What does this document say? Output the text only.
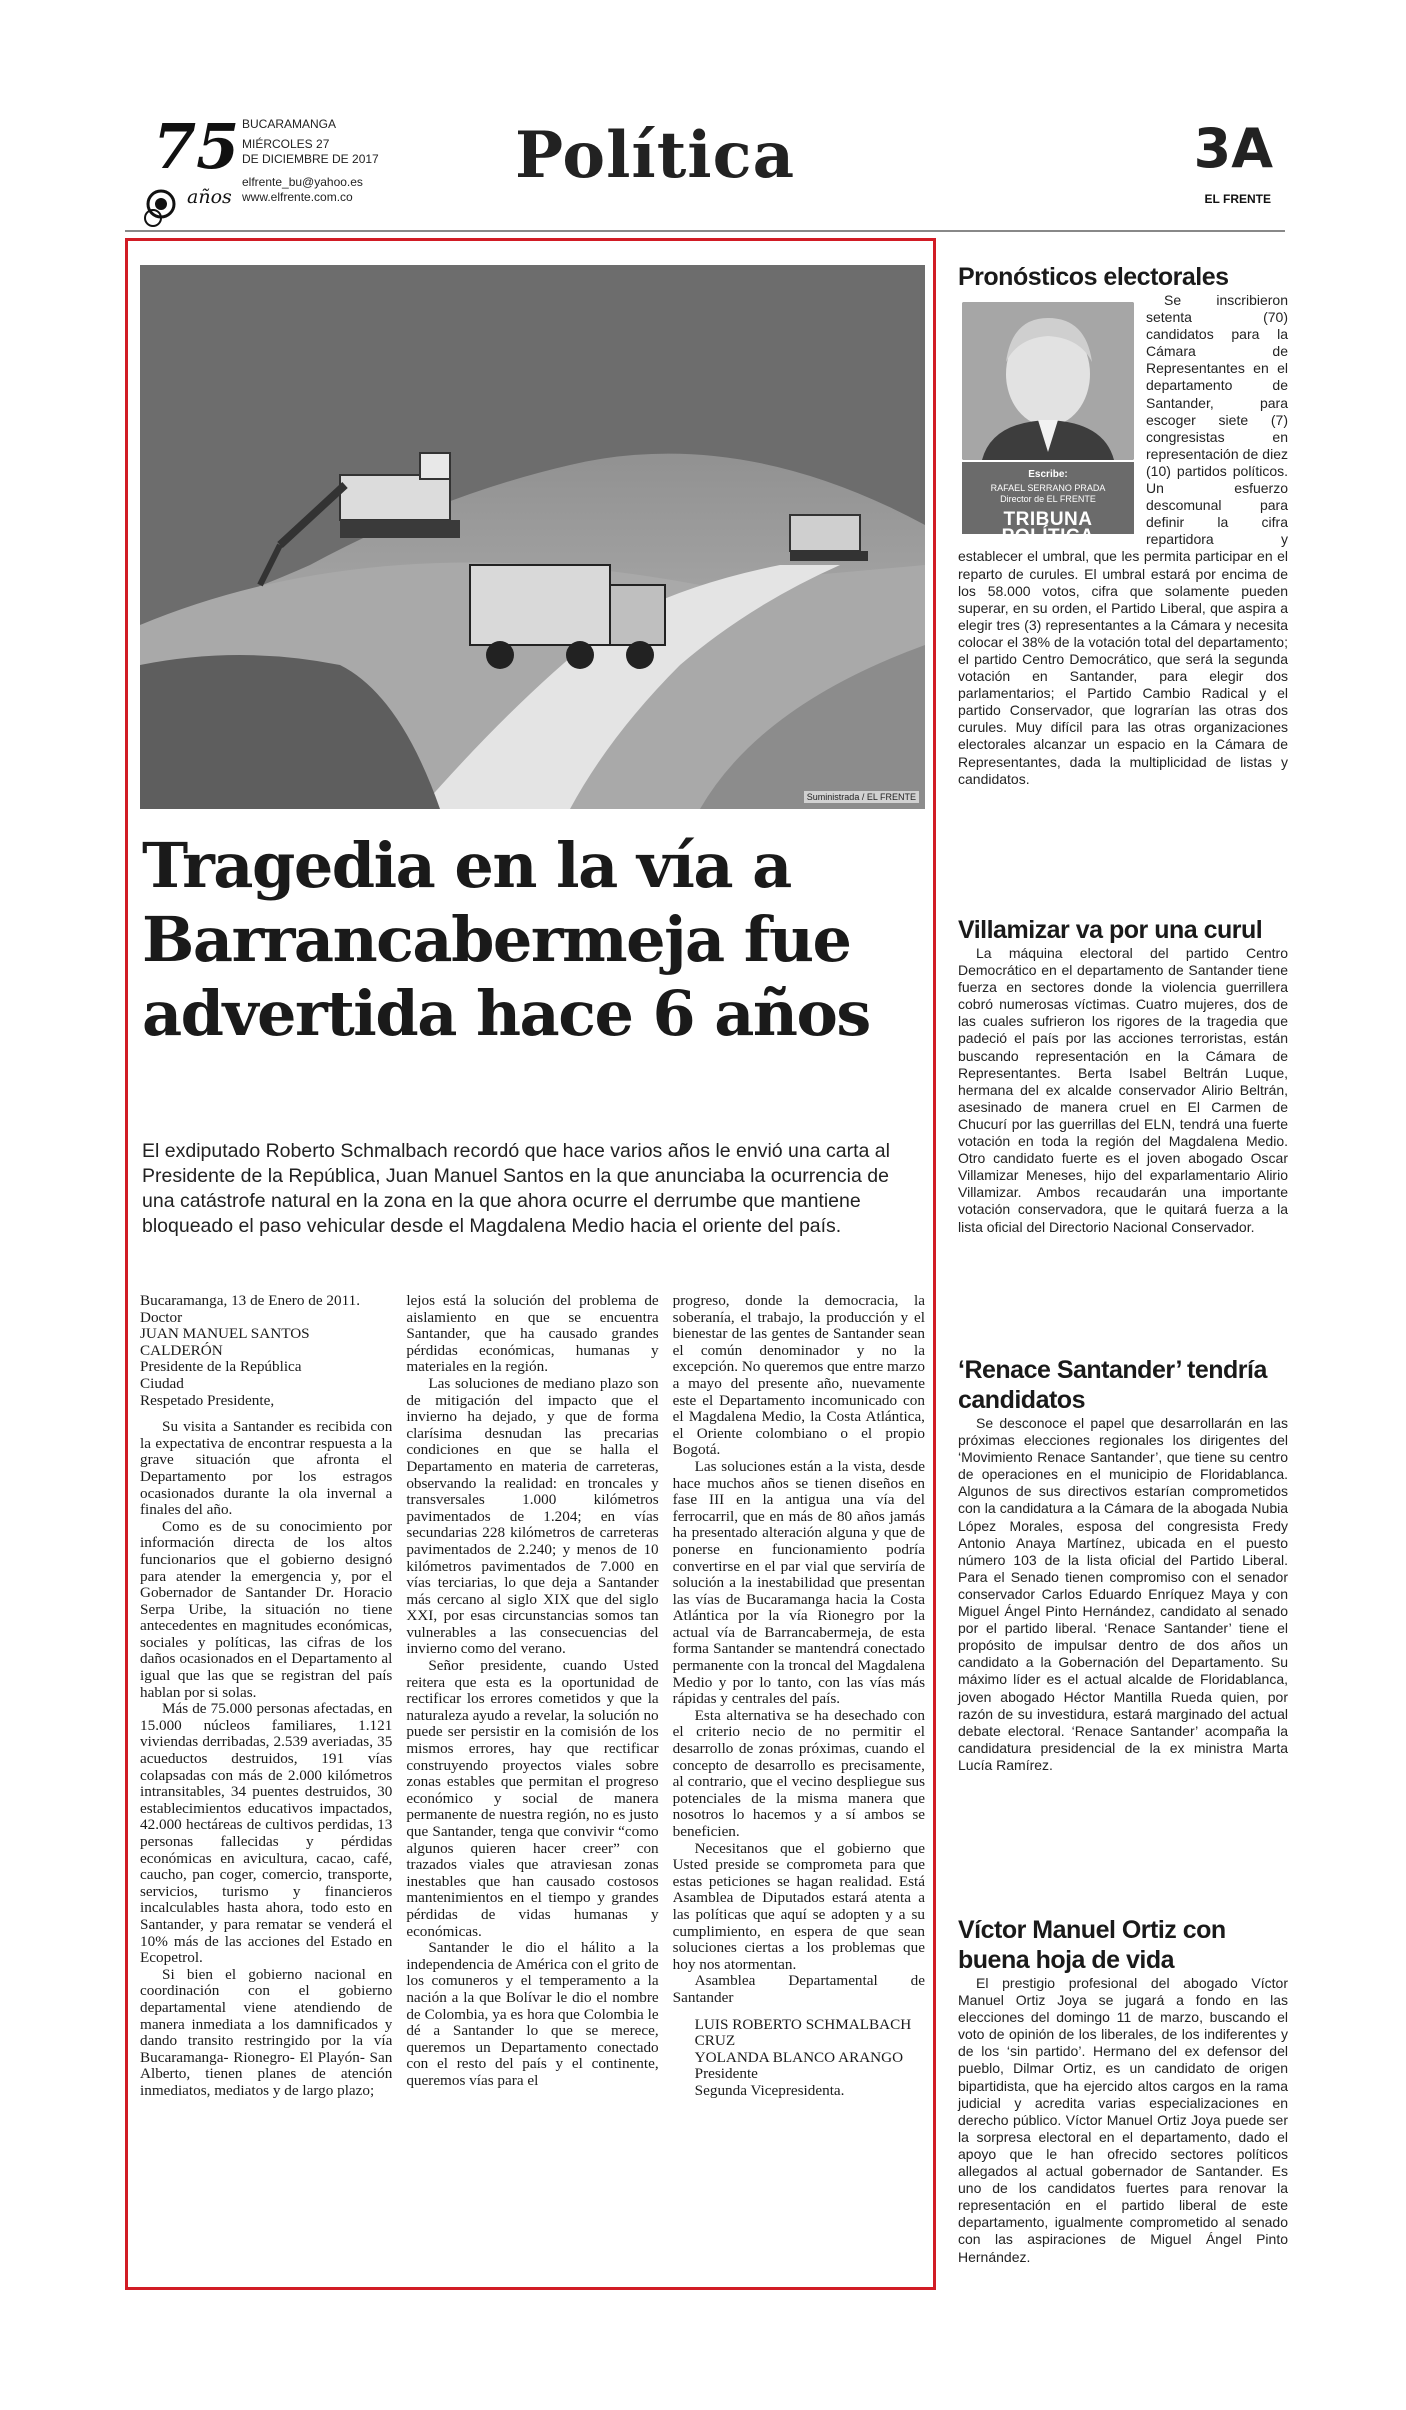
75
años
BUCARAMANGA
MIÉRCOLES 27
DE DICIEMBRE DE 2017
elfrente_bu@yahoo.es
www.elfrente.com.co
Política	3A
EL FRENTE
Suministrada / EL FRENTE
Tragedia en la vía a Barrancabermeja fue advertida hace 6 años

El exdiputado Roberto Schmalbach recordó que hace varios años le envió una carta al Presidente de la República, Juan Manuel Santos en la que anunciaba la ocurrencia de una catástrofe natural en la zona en la que ahora ocurre el derrumbe que mantiene bloqueado el paso vehicular desde el Magdalena Medio hacia el oriente del país.

Bucaramanga, 13 de Enero de 2011.

Doctor

JUAN MANUEL SANTOS CALDERÓN

Presidente de la República

Ciudad

Respetado Presidente,

Su visita a Santander es recibida con la expectativa de encontrar respuesta a la grave situación que afronta el Departamento por los estragos ocasionados durante la ola invernal a finales del año.

Como es de su conocimiento por información directa de los altos funcionarios que el gobierno designó para atender la emergencia y, por el Gobernador de Santander Dr. Horacio Serpa Uribe, la situación no tiene antecedentes en magnitudes económicas, sociales y políticas, las cifras de los daños ocasionados en el Departamento al igual que las que se registran del país hablan por si solas.

Más de 75.000 personas afectadas, en 15.000 núcleos familiares, 1.121 viviendas derribadas, 2.539 averiadas, 35 acueductos destruidos, 191 vías colapsadas con más de 2.000 kilómetros intransitables, 34 puentes destruidos, 30 establecimientos educativos impactados, 42.000 hectáreas de cultivos perdidas, 13 personas fallecidas y pérdidas económicas en avicultura, cacao, café, caucho, pan coger, comercio, transporte, servicios, turismo y financieros incalculables hasta ahora, todo esto en Santander, y para rematar se venderá el 10% más de las acciones del Estado en Ecopetrol.

Si bien el gobierno nacional en coordinación con el gobierno departamental viene atendiendo de manera inmediata a los damnificados y dando transito restringido por la vía Bucaramanga- Rionegro- El Playón- San Alberto, tienen planes de atención inmediatos, mediatos y de largo plazo;

lejos está la solución del problema de aislamiento en que se encuentra Santander, que ha causado grandes pérdidas económicas, humanas y materiales en la región.

Las soluciones de mediano plazo son de mitigación del impacto que el invierno ha dejado, y que de forma clarísima desnudan las precarias condiciones en que se halla el Departamento en materia de carreteras, observando la realidad: en troncales y transversales 1.000 kilómetros pavimentados de 1.204; en vías secundarias 228 kilómetros de carreteras pavimentados de 2.240; y menos de 10 kilómetros pavimentados de 7.000 en vías terciarias, lo que deja a Santander más cercano al siglo XIX que del siglo XXI, por esas circunstancias somos tan vulnerables a las consecuencias del invierno como del verano.

Señor presidente, cuando Usted reitera que esta es la oportunidad de rectificar los errores cometidos y que la naturaleza ayudo a revelar, la solución no puede ser persistir en la comisión de los mismos errores, hay que rectificar construyendo proyectos viales sobre zonas estables que permitan el progreso económico y social de manera permanente de nuestra región, no es justo que Santander, tenga que convivir “como algunos quieren hacer creer” con trazados viales que atraviesan zonas inestables que han causado costosos mantenimientos en el tiempo y grandes pérdidas de vidas humanas y económicas.

Santander le dio el hálito a la independencia de América con el grito de los comuneros y el temperamento a la nación a la que Bolívar le dio el nombre de Colombia, ya es hora que Colombia le dé a Santander lo que se merece, queremos un Departamento conectado con el resto del país y el continente, queremos vías para el

progreso, donde la democracia, la soberanía, el trabajo, la producción y el bienestar de las gentes de Santander sean el común denominador y no la excepción. No queremos que entre marzo a mayo del presente año, nuevamente este el Departamento incomunicado con el Magdalena Medio, la Costa Atlántica, el Oriente colombiano o el propio Bogotá.

Las soluciones están a la vista, desde hace muchos años se tienen diseños en fase III en la antigua una vía del ferrocarril, que en más de 80 años jamás ha presentado alteración alguna y que de ponerse en funcionamiento podría convertirse en el par vial que serviría de solución a la inestabilidad que presentan las vías de Bucaramanga hacia la Costa Atlántica por la vía Rionegro por la actual vía de Barrancabermeja, de esta forma Santander se mantendrá conectado permanente con la troncal del Magdalena Medio y por lo tanto, con las vías más rápidas y centrales del país.

Esta alternativa se ha desechado con el criterio necio de no permitir el desarrollo de zonas próximas, cuando el concepto de desarrollo es precisamente, al contrario, que el vecino despliegue sus potenciales de la misma manera que nosotros lo hacemos y a sí ambos se beneficien.

Necesitanos que el gobierno que Usted preside se comprometa para que estas peticiones se hagan realidad. Está Asamblea de Diputados estará atenta a las políticas que aquí se adopten y a su cumplimiento, en espera de que sean soluciones ciertas a los problemas que hoy nos atormentan.

Asamblea Departamental de Santander

LUIS ROBERTO SCHMALBACH CRUZ

YOLANDA BLANCO ARANGO

Presidente

Segunda Vicepresidenta.

Pronósticos electorales
Escribe:
RAFAEL SERRANO PRADA
Director de EL FRENTE
TRIBUNA POLÍTICA

Se inscribieron setenta (70) candidatos para la Cámara de Representantes en el departamento de Santander, para escoger siete (7) congresistas en representación de diez (10) partidos políticos. Un esfuerzo descomunal para definir la cifra repartidora y establecer el umbral, que les permita participar en el reparto de curules. El umbral estará por encima de los 58.000 votos, cifra que solamente pueden superar, en su orden, el Partido Liberal, que aspira a elegir tres (3) representantes a la Cámara y necesita colocar el 38% de la votación total del departamento; el partido Centro Democrático, que será la segunda votación en Santander, para elegir dos parlamentarios; el Partido Cambio Radical y el partido Conservador, que lograrían las otras dos curules. Muy difícil para las otras organizaciones electorales alcanzar un espacio en la Cámara de Representantes, dada la multiplicidad de listas y candidatos.

Villamizar va por una curul

La máquina electoral del partido Centro Democrático en el departamento de Santander tiene fuerza en sectores donde la violencia guerrillera cobró numerosas víctimas. Cuatro mujeres, dos de las cuales sufrieron los rigores de la tragedia que padeció el país por las acciones terroristas, están buscando representación en la Cámara de Representantes. Berta Isabel Beltrán Luque, hermana del ex alcalde conservador Alirio Beltrán, asesinado de manera cruel en El Carmen de Chucurí por las guerrillas del ELN, tendrá una fuerte votación en toda la región del Magdalena Medio. Otro candidato fuerte es el joven abogado Oscar Villamizar Meneses, hijo del exparlamentario Alirio Villamizar. Ambos recaudarán una importante votación conservadora, que le quitará fuerza a la lista oficial del Directorio Nacional Conservador.

‘Renace Santander’ tendría candidatos

Se desconoce el papel que desarrollarán en las próximas elecciones regionales los dirigentes del ‘Movimiento Renace Santander’, que tiene su centro de operaciones en el municipio de Floridablanca. Algunos de sus directivos estarían comprometidos con la candidatura a la Cámara de la abogada Nubia López Morales, esposa del congresista Fredy Antonio Anaya Martínez, ubicada en el puesto número 103 de la lista oficial del Partido Liberal. Para el Senado tienen compromiso con el senador conservador Carlos Eduardo Enríquez Maya y con Miguel Ángel Pinto Hernández, candidato al senado por el partido liberal. ‘Renace Santander’ tiene el propósito de impulsar dentro de dos años un candidato a la Gobernación del Departamento. Su máximo líder es el actual alcalde de Floridablanca, joven abogado Héctor Mantilla Rueda quien, por razón de su investidura, estará marginado del actual debate electoral. ‘Renace Santander’ acompaña la candidatura presidencial de la ex ministra Marta Lucía Ramírez.

Víctor Manuel Ortiz con buena hoja de vida

El prestigio profesional del abogado Víctor Manuel Ortiz Joya se jugará a fondo en las elecciones del domingo 11 de marzo, buscando el voto de opinión de los liberales, de los indiferentes y de los ‘sin partido’. Hermano del ex defensor del pueblo, Dilmar Ortiz, es un candidato de origen bipartidista, que ha ejercido altos cargos en la rama judicial y acredita varias especializaciones en derecho público. Víctor Manuel Ortiz Joya puede ser la sorpresa electoral en el departamento, dado el apoyo que le han ofrecido sectores políticos allegados al actual gobernador de Santander. Es uno de los candidatos fuertes para renovar la representación en el partido liberal de este departamento, igualmente comprometido al senado con las aspiraciones de Miguel Ángel Pinto Hernández.
